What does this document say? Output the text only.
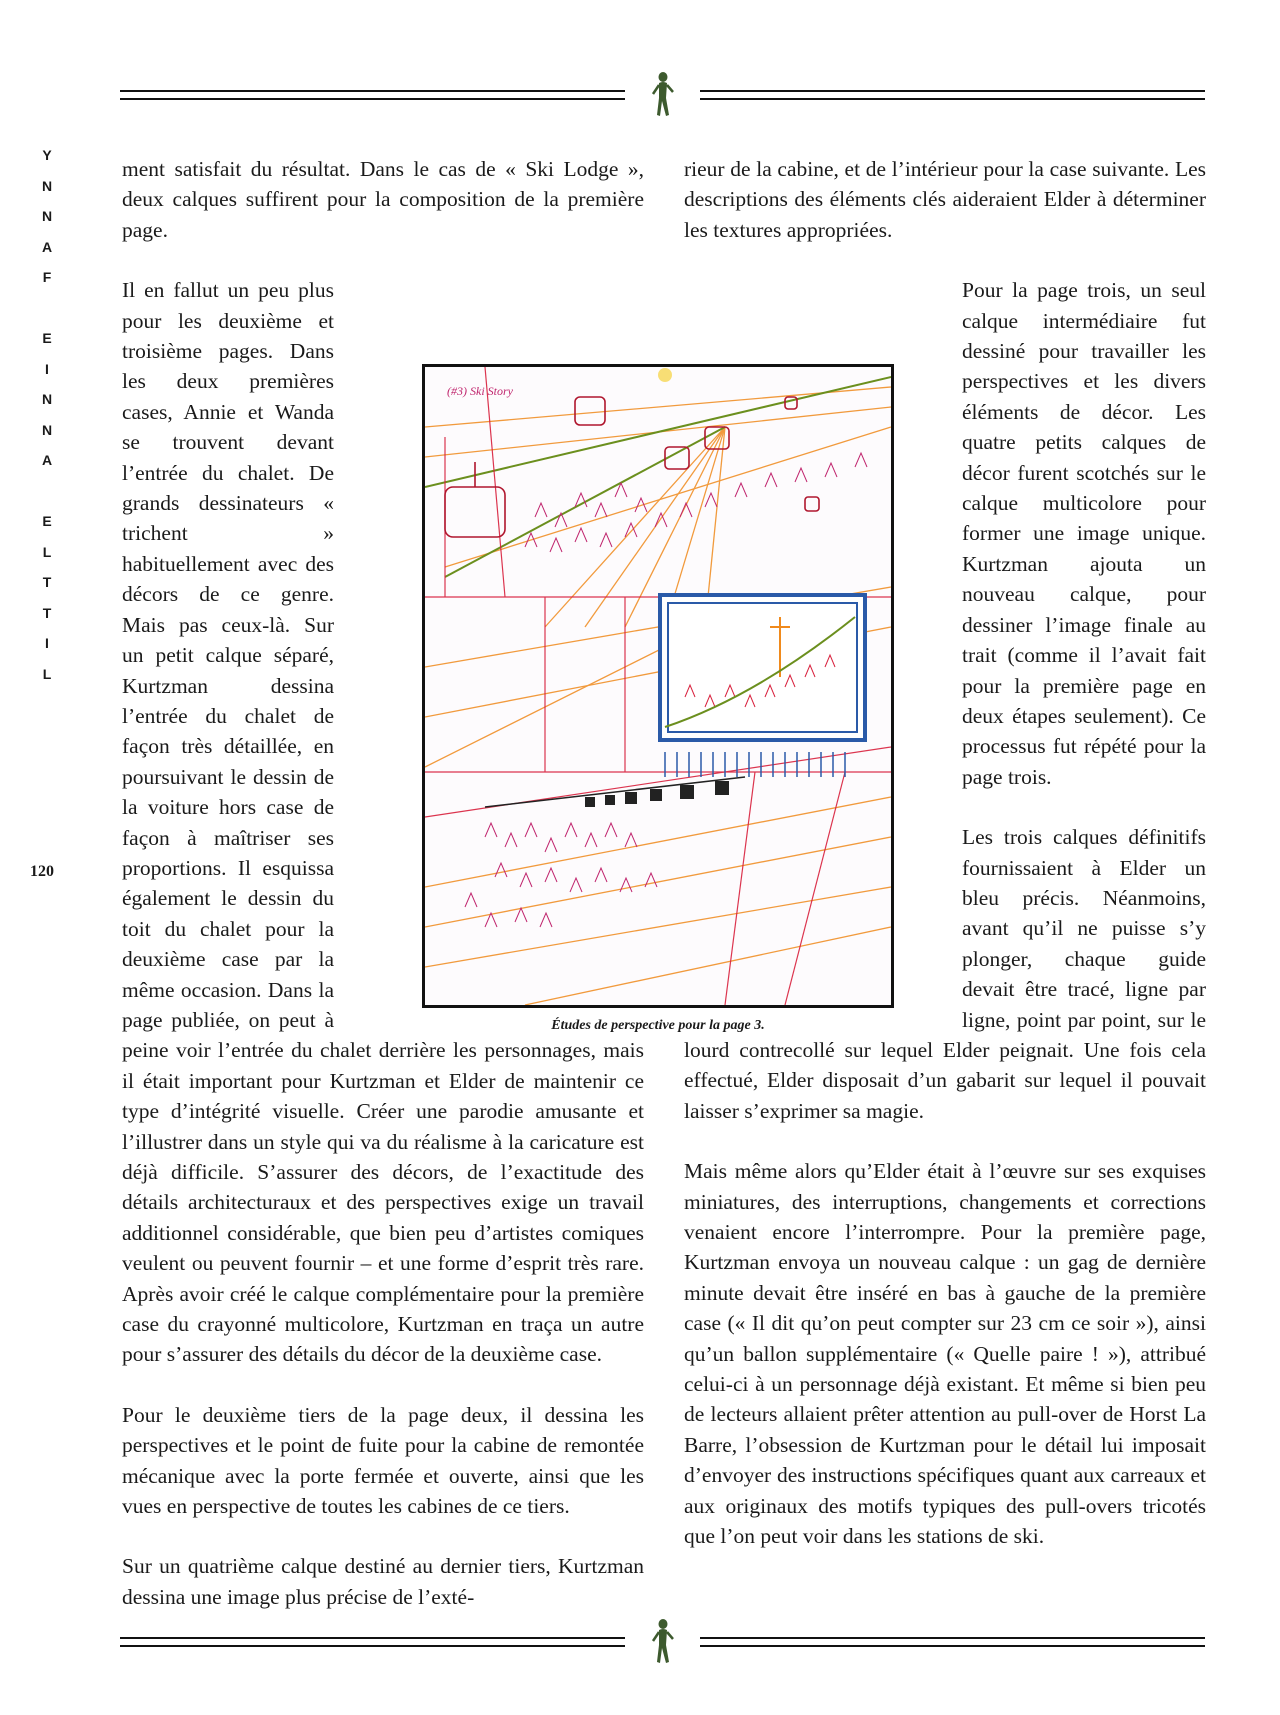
Y
N
N
A
F

E
I
N
N
A

E
L
T
T
I
L
120

ment satisfait du résultat. Dans le cas de « Ski Lodge », deux calques suffirent pour la composition de la première page.

Il en fallut un peu plus pour les deuxième et troisième pages. Dans les deux premières cases, Annie et Wanda se trouvent devant l’entrée du chalet. De grands dessinateurs « trichent » habituellement avec des décors de ce genre. Mais pas ceux-là. Sur un petit calque séparé, Kurtzman dessina l’entrée du chalet de façon très détaillée, en poursuivant le dessin de la voiture hors case de façon à maîtriser ses proportions. Il esquissa également le dessin du toit du chalet pour la deuxième case par la même occasion. Dans la page publiée, on peut à peine voir l’entrée du chalet derrière les personnages, mais il était important pour Kurtzman et Elder de maintenir ce type d’intégrité visuelle. Créer une parodie amusante et l’illustrer dans un style qui va du réalisme à la caricature est déjà difficile. S’assurer des décors, de l’exactitude des détails architecturaux et des perspectives exige un travail additionnel considérable, que bien peu d’artistes comiques veulent ou peuvent fournir – et une forme d’esprit très rare. Après avoir créé le calque complémentaire pour la première case du crayonné multicolore, Kurtzman en traça un autre pour s’assurer des détails du décor de la deuxième case.

Pour le deuxième tiers de la page deux, il dessina les perspectives et le point de fuite pour la cabine de remontée mécanique avec la porte fermée et ouverte, ainsi que les vues en perspective de toutes les cabines de ce tiers.

Sur un quatrième calque destiné au dernier tiers, Kurtzman dessina une image plus précise de l’exté-

rieur de la cabine, et de l’intérieur pour la case suivante. Les descriptions des éléments clés aideraient Elder à déterminer les textures appropriées.

Pour la page trois, un seul calque intermédiaire fut dessiné pour travailler les perspectives et les divers éléments de décor. Les quatre petits calques de décor furent scotchés sur le calque multicolore pour former une image unique. Kurtzman ajouta un nouveau calque, pour dessiner l’image finale au trait (comme il l’avait fait pour la première page en deux étapes seulement). Ce processus fut répété pour la page trois.

Les trois calques définitifs fournissaient à Elder un bleu précis. Néanmoins, avant qu’il ne puisse s’y plonger, chaque guide devait être tracé, ligne par ligne, point par point, sur le lourd contrecollé sur lequel Elder peignait. Une fois cela effectué, Elder disposait d’un gabarit sur lequel il pouvait laisser s’exprimer sa magie.

Mais même alors qu’Elder était à l’œuvre sur ses exquises miniatures, des interruptions, changements et corrections venaient encore l’interrompre. Pour la première page, Kurtzman envoya un nouveau calque : un gag de dernière minute devait être inséré en bas à gauche de la première case (« Il dit qu’on peut compter sur 23 cm ce soir »), ainsi qu’un ballon supplémentaire (« Quelle paire ! »), attribué celui-ci à un personnage déjà existant. Et même si bien peu de lecteurs allaient prêter attention au pull-over de Horst La Barre, l’obsession de Kurtzman pour le détail lui imposait d’envoyer des instructions spécifiques quant aux carreaux et aux originaux des motifs typiques des pull-overs tricotés que l’on peut voir dans les stations de ski.

(#3) Ski Story
Études de perspective pour la page 3.
